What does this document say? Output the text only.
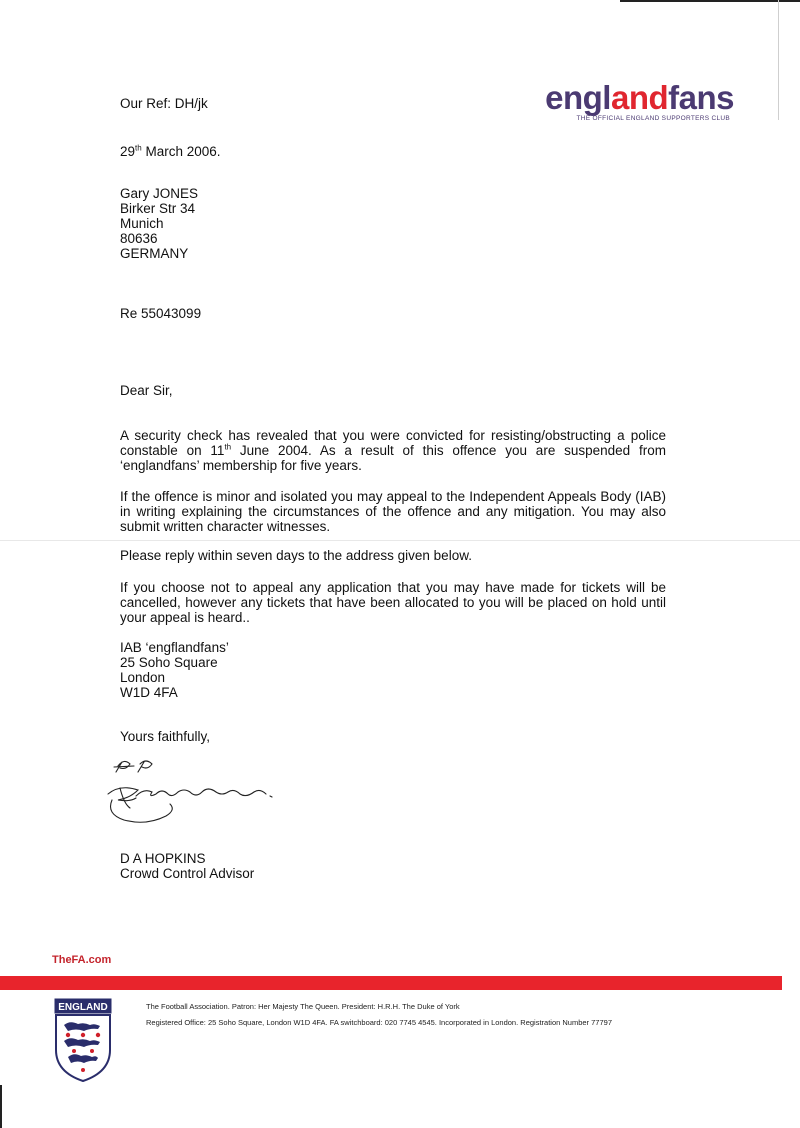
Our Ref: DH/jk
29th March 2006.
englandfans
THE OFFICIAL ENGLAND SUPPORTERS CLUB
Gary JONES
Birker Str 34
Munich
80636
GERMANY
Re 55043099
Dear Sir,
A security check has revealed that you were convicted for resisting/obstructing a police constable on 11th June 2004. As a result of this offence you are suspended from ‘englandfans’ membership for five years.
If the offence is minor and isolated you may appeal to the Independent Appeals Body (IAB) in writing explaining the circumstances of the offence and any mitigation. You may also submit written character witnesses.
Please reply within seven days to the address given below.
If you choose not to appeal any application that you may have made for tickets will be cancelled, however any tickets that have been allocated to you will be placed on hold until your appeal is heard..
IAB ‘engflandfans’
25 Soho Square
London
W1D 4FA
Yours faithfully,
D A HOPKINS
Crowd Control Advisor
TheFA.com
ENGLAND	The Football Association. Patron: Her Majesty The Queen. President: H.R.H. The Duke of York
Registered Office: 25 Soho Square, London W1D 4FA. FA switchboard: 020 7745 4545. Incorporated in London. Registration Number 77797
